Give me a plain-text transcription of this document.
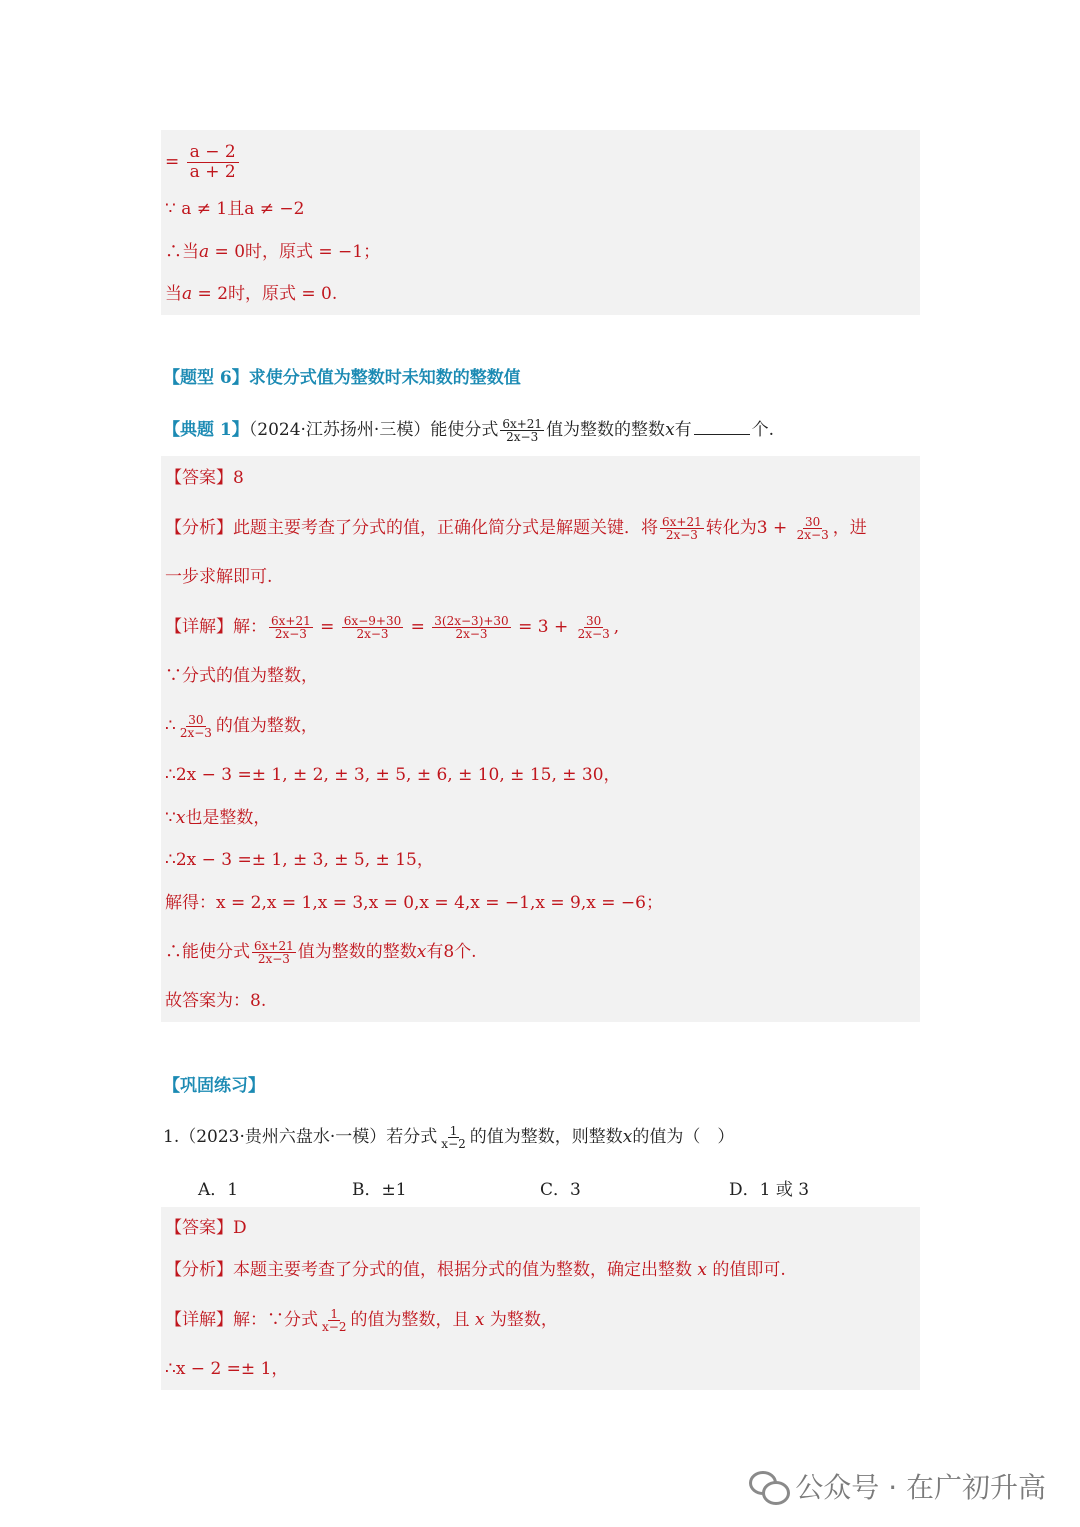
= $\frac{a - 2}{a + 2}$
∵ a ≠ 1且a ≠ −2
∴当a = 0时，原式 = −1；
当a = 2时，原式 = 0.
【题型 6】求使分式值为整数时未知数的整数值
【典题 1】（2024·江苏扬州·三模）能使分式 $\frac{6x+21}{2x-3}$ 值为整数的整数x有	个.
【答案】8
【分析】此题主要考查了分式的值，正确化简分式是解题关键．将 $\frac{6x+21}{2x-3}$ 转化为$3 + \frac{30}{2x-3}$ ，进
一步求解即可.
【详解】解： $\frac{6x+21}{2x-3} = \frac{6x-9+30}{2x-3} = \frac{3(2x-3)+30}{2x-3} = 3 + \frac{30}{2x-3}$ ,
∵分式的值为整数，
∴ $\frac{30}{2x-3}$ 的值为整数，
∴2x − 3 =± 1, ± 2, ± 3, ± 5, ± 6, ± 10, ± 15, ± 30，
∵x也是整数，
∴2x − 3 =± 1, ± 3, ± 5, ± 15，
解得：x = 2,x = 1,x = 3,x = 0,x = 4,x = −1,x = 9,x = −6；
∴能使分式 $\frac{6x+21}{2x-3}$ 值为整数的整数x有8个.
故答案为：8.
【巩固练习】
1.（2023·贵州六盘水·一模）若分式 $\frac{1}{x-2}$ 的值为整数，则整数x的值为（　）
A．1	B．±1	C．3	D．1 或 3
【答案】D
【分析】本题主要考查了分式的值，根据分式的值为整数，确定出整数 x 的值即可.
【详解】解：∵分式 $\frac{1}{x-2}$ 的值为整数，且 x 为整数，
∴x − 2 =± 1，
公众号 · 在广初升高
